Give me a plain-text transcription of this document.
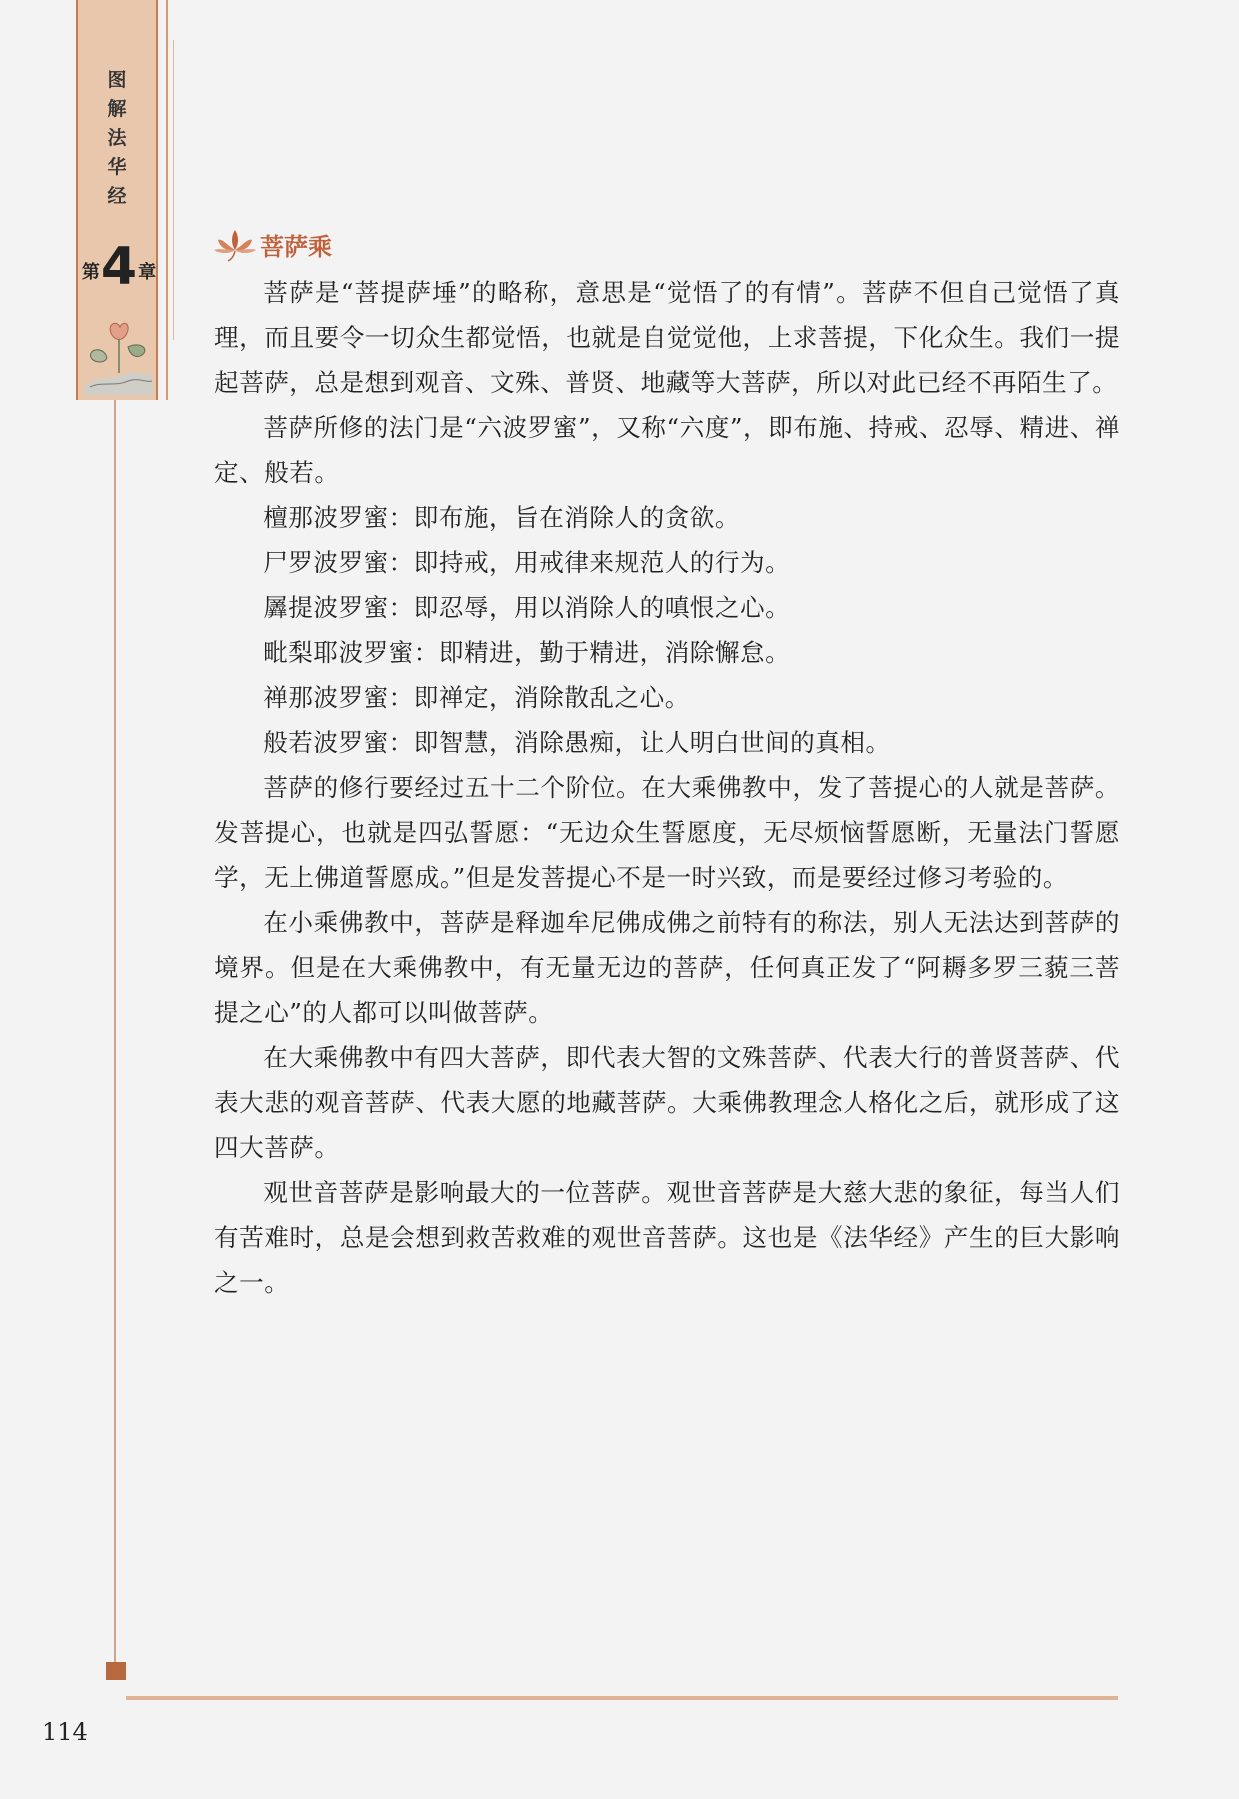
图
解
法
华
经
第 4 章
菩萨乘

菩萨是“菩提萨埵”的略称，意思是“觉悟了的有情”。菩萨不但自己觉悟了真理，而且要令一切众生都觉悟，也就是自觉觉他，上求菩提，下化众生。我们一提起菩萨，总是想到观音、文殊、普贤、地藏等大菩萨，所以对此已经不再陌生了。

菩萨所修的法门是“六波罗蜜”，又称“六度”，即布施、持戒、忍辱、精进、禅定、般若。

檀那波罗蜜：即布施，旨在消除人的贪欲。

尸罗波罗蜜：即持戒，用戒律来规范人的行为。

羼提波罗蜜：即忍辱，用以消除人的嗔恨之心。

毗梨耶波罗蜜：即精进，勤于精进，消除懈怠。

禅那波罗蜜：即禅定，消除散乱之心。

般若波罗蜜：即智慧，消除愚痴，让人明白世间的真相。

菩萨的修行要经过五十二个阶位。在大乘佛教中，发了菩提心的人就是菩萨。发菩提心，也就是四弘誓愿：“无边众生誓愿度，无尽烦恼誓愿断，无量法门誓愿学，无上佛道誓愿成。”但是发菩提心不是一时兴致，而是要经过修习考验的。

在小乘佛教中，菩萨是释迦牟尼佛成佛之前特有的称法，别人无法达到菩萨的境界。但是在大乘佛教中，有无量无边的菩萨，任何真正发了“阿耨多罗三藐三菩提之心”的人都可以叫做菩萨。

在大乘佛教中有四大菩萨，即代表大智的文殊菩萨、代表大行的普贤菩萨、代表大悲的观音菩萨、代表大愿的地藏菩萨。大乘佛教理念人格化之后，就形成了这四大菩萨。

观世音菩萨是影响最大的一位菩萨。观世音菩萨是大慈大悲的象征，每当人们有苦难时，总是会想到救苦救难的观世音菩萨。这也是《法华经》产生的巨大影响之一。

114
